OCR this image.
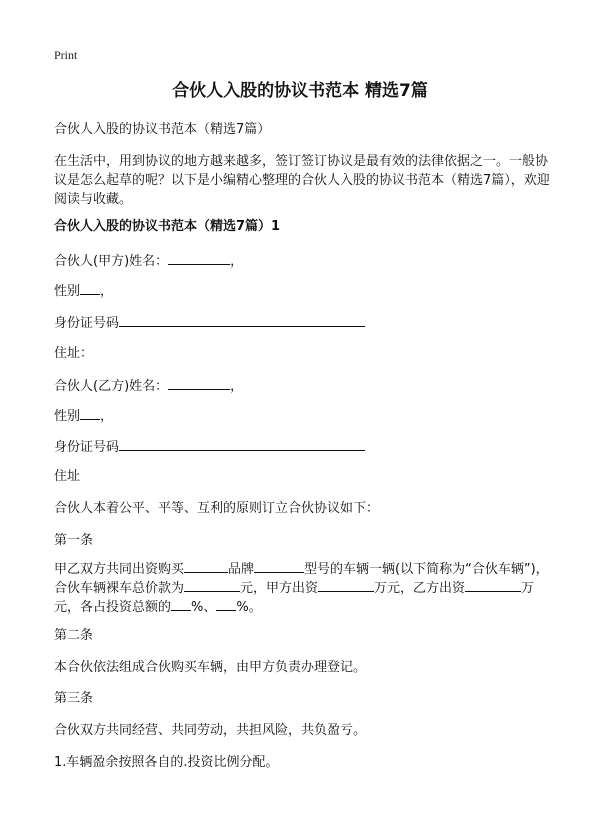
Print
合伙人入股的协议书范本 精选7篇
合伙人入股的协议书范本（精选7篇）
在生活中，用到协议的地方越来越多，签订签订协议是最有效的法律依据之一。一般协议是怎么起草的呢？以下是小编精心整理的合伙人入股的协议书范本（精选7篇），欢迎阅读与收藏。
合伙人入股的协议书范本（精选7篇）1
合伙人(甲方)姓名：	，
性别 ，
身份证号码
住址：
合伙人(乙方)姓名：	，
性别 ，
身份证号码
住址
合伙人本着公平、平等、互利的原则订立合伙协议如下：
第一条
甲乙双方共同出资购买	品牌	型号的车辆一辆(以下简称为“合伙车辆”)，合伙车辆裸车总价款为	元，甲方出资	万元，乙方出资	万元，各占投资总额的 %、 %。
第二条
本合伙依法组成合伙购买车辆，由甲方负责办理登记。
第三条
合伙双方共同经营、共同劳动，共担风险，共负盈亏。
1.车辆盈余按照各自的.投资比例分配。
